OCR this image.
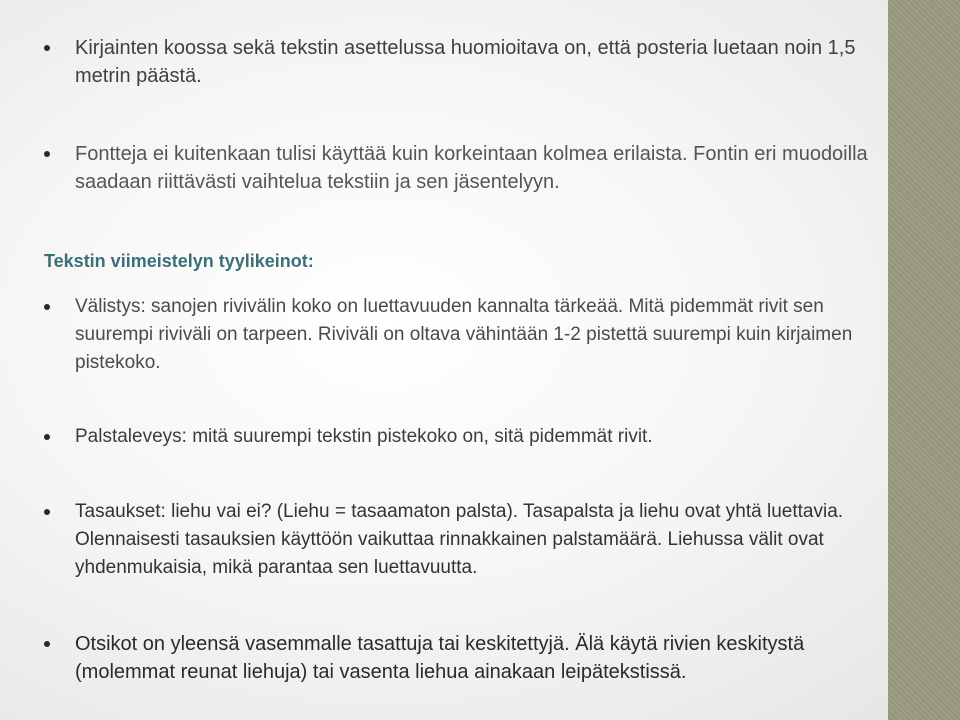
Kirjainten koossa sekä tekstin asettelussa huomioitava on, että posteria luetaan noin 1,5 metrin päästä.
Fontteja ei kuitenkaan tulisi käyttää kuin korkeintaan kolmea erilaista. Fontin eri muodoilla saadaan riittävästi vaihtelua tekstiin ja sen jäsentelyyn.
Tekstin viimeistelyn tyylikeinot:
Välistys: sanojen rivivälin koko on luettavuuden kannalta tärkeää. Mitä pidemmät rivit sen suurempi riviväli on tarpeen. Riviväli on oltava vähintään 1-2 pistettä suurempi kuin kirjaimen pistekoko.
Palstaleveys: mitä suurempi tekstin pistekoko on, sitä pidemmät rivit.
Tasaukset: liehu vai ei? (Liehu = tasaamaton palsta). Tasapalsta ja liehu ovat yhtä luettavia. Olennaisesti tasauksien käyttöön vaikuttaa rinnakkainen palstamäärä. Liehussa välit ovat yhdenmukaisia, mikä parantaa sen luettavuutta.
Otsikot on yleensä vasemmalle tasattuja tai keskitettyjä. Älä käytä rivien keskitystä (molemmat reunat liehuja) tai vasenta liehua ainakaan leipätekstissä.
